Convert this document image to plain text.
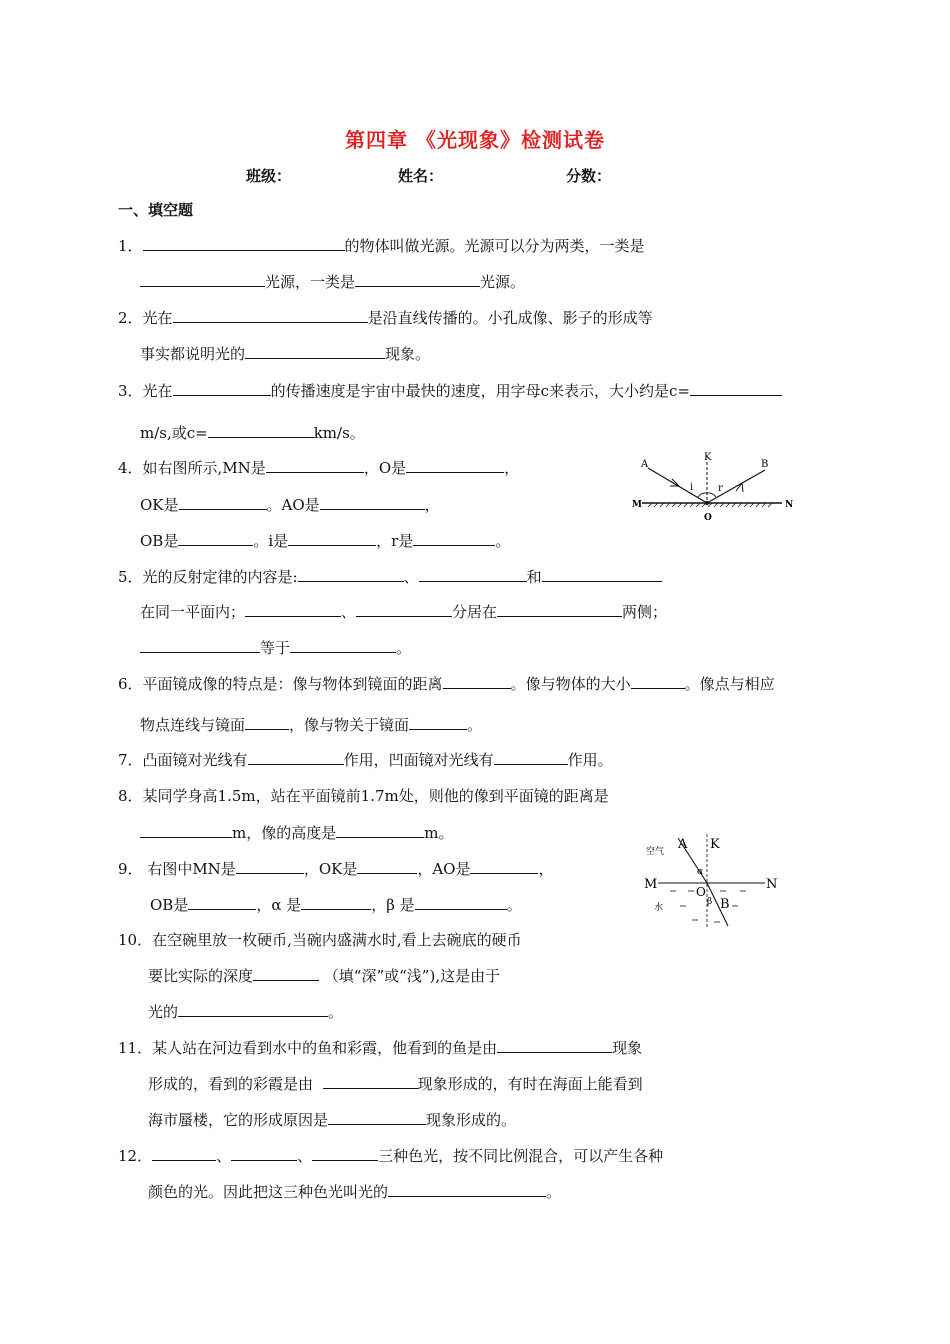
第四章 《光现象》检测试卷
班级：	姓名：	分数：
一、填空题
1．	的物体叫做光源。光源可以分为两类，一类是
光源，一类是	光源。
2．光在	是沿直线传播的。小孔成像、影子的形成等
事实都说明光的	现象。
3．光在	的传播速度是宇宙中最快的速度，用字母c来表示，大小约是c=
m/s,或c=	km/s。
4．如右图所示,MN是	，O是	，
OK是	。AO是	，
OB是	。i是	，r是	。
A
K
B
M	N
O
i r
5．光的反射定律的内容是:	、	和
在同一平面内；	、	分居在	两侧；
等于	。
6．平面镜成像的特点是：像与物体到镜面的距离	。像与物体的大小	。像点与相应
物点连线与镜面	，像与物关于镜面	。
7．凸面镜对光线有	作用，凹面镜对光线有	作用。
8．某同学身高1.5m，站在平面镜前1.7m处，则他的像到平面镜的距离是
m，像的高度是	m。
9． 右图中MN是	，OK是	，AO是	，
OB是	，α 是	，β 是	。
空气
水
A K
M	N
O
B
α
β
10．在空碗里放一枚硬币,当碗内盛满水时,看上去碗底的硬币
要比实际的深度	（填“深”或“浅”),这是由于
光的	。
11．某人站在河边看到水中的鱼和彩霞，他看到的鱼是由	现象
形成的，看到的彩霞是由	现象形成的，有时在海面上能看到
海市蜃楼，它的形成原因是	现象形成的。
12．	、	、	三种色光，按不同比例混合，可以产生各种
颜色的光。因此把这三种色光叫光的	。
